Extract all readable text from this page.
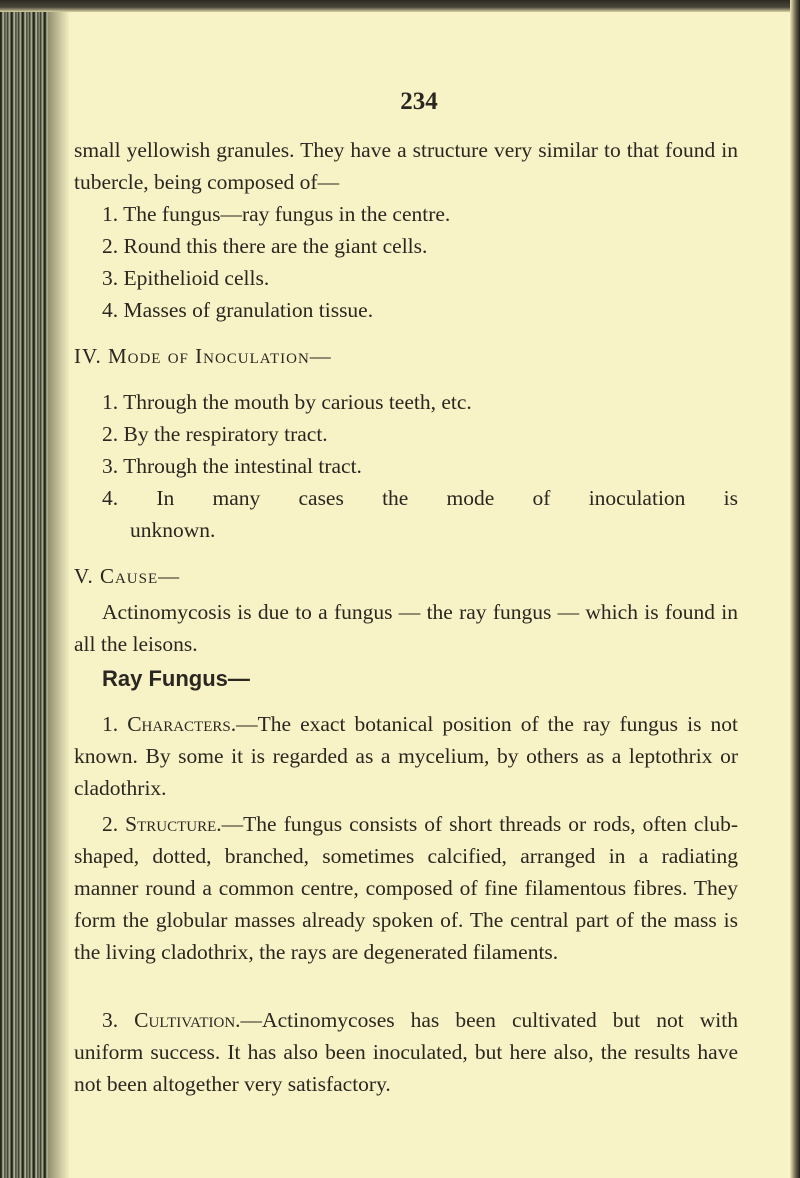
234

small yellowish granules. They have a structure very similar to that found in tubercle, being composed of—

1. The fungus—ray fungus in the centre.
2. Round this there are the giant cells.
3. Epithelioid cells.
4. Masses of granulation tissue.
IV. Mode of Inoculation—
1. Through the mouth by carious teeth, etc.
2. By the respiratory tract.
3. Through the intestinal tract.
4. In many cases the mode of inoculation is
unknown.
V. Cause—
Actinomycosis is due to a fungus — the ray fungus — which is found in all the leisons.
Ray Fungus—
1. Characters.—The exact botanical position of the ray fungus is not known. By some it is regarded as a mycelium, by others as a leptothrix or cladothrix.
2. Structure.—The fungus consists of short threads or rods, often club-shaped, dotted, branched, sometimes calcified, arranged in a radiating manner round a common centre, composed of fine filamentous fibres. They form the globular masses already spoken of. The central part of the mass is the living cladothrix, the rays are degenerated filaments.
3. Cultivation.—Actinomycoses has been cultivated but not with uniform success. It has also been inoculated, but here also, the results have not been altogether very satisfactory.
